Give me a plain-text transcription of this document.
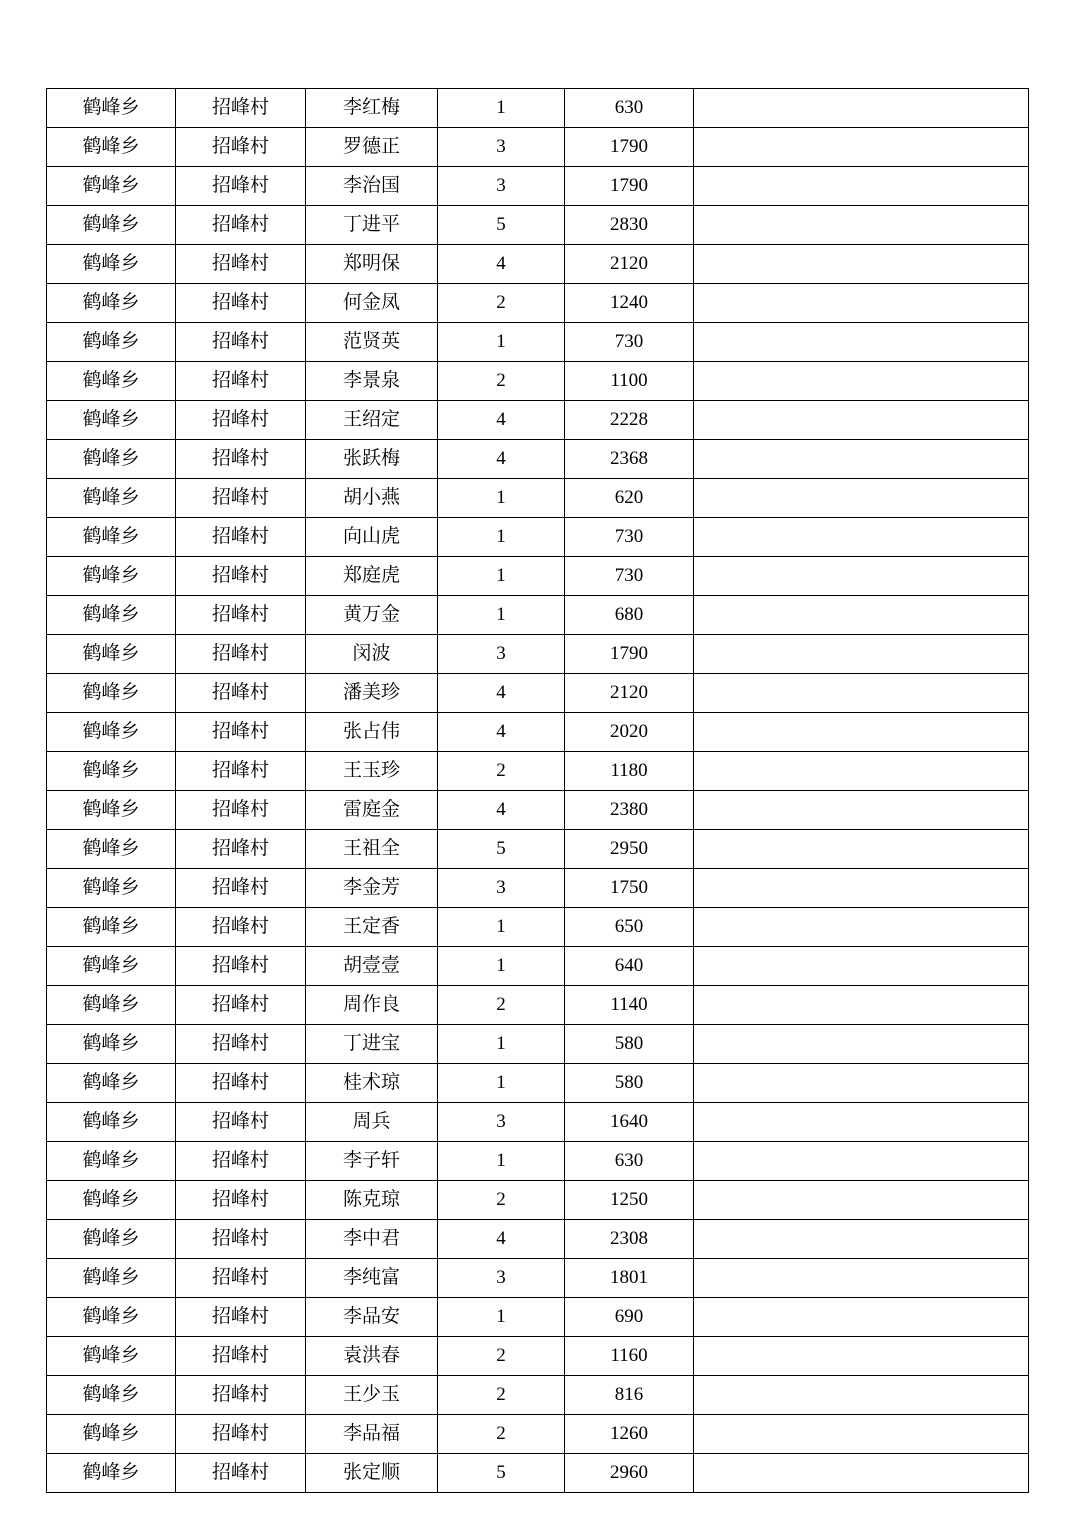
鹤峰乡	招峰村	李红梅	1	630	
鹤峰乡	招峰村	罗德正	3	1790	
鹤峰乡	招峰村	李治国	3	1790	
鹤峰乡	招峰村	丁进平	5	2830	
鹤峰乡	招峰村	郑明保	4	2120	
鹤峰乡	招峰村	何金凤	2	1240	
鹤峰乡	招峰村	范贤英	1	730	
鹤峰乡	招峰村	李景泉	2	1100	
鹤峰乡	招峰村	王绍定	4	2228	
鹤峰乡	招峰村	张跃梅	4	2368	
鹤峰乡	招峰村	胡小燕	1	620	
鹤峰乡	招峰村	向山虎	1	730	
鹤峰乡	招峰村	郑庭虎	1	730	
鹤峰乡	招峰村	黄万金	1	680	
鹤峰乡	招峰村	闵波	3	1790	
鹤峰乡	招峰村	潘美珍	4	2120	
鹤峰乡	招峰村	张占伟	4	2020	
鹤峰乡	招峰村	王玉珍	2	1180	
鹤峰乡	招峰村	雷庭金	4	2380	
鹤峰乡	招峰村	王祖全	5	2950	
鹤峰乡	招峰村	李金芳	3	1750	
鹤峰乡	招峰村	王定香	1	650	
鹤峰乡	招峰村	胡壹壹	1	640	
鹤峰乡	招峰村	周作良	2	1140	
鹤峰乡	招峰村	丁进宝	1	580	
鹤峰乡	招峰村	桂术琼	1	580	
鹤峰乡	招峰村	周兵	3	1640	
鹤峰乡	招峰村	李子轩	1	630	
鹤峰乡	招峰村	陈克琼	2	1250	
鹤峰乡	招峰村	李中君	4	2308	
鹤峰乡	招峰村	李纯富	3	1801	
鹤峰乡	招峰村	李品安	1	690	
鹤峰乡	招峰村	袁洪春	2	1160	
鹤峰乡	招峰村	王少玉	2	816	
鹤峰乡	招峰村	李品福	2	1260	
鹤峰乡	招峰村	张定顺	5	2960	
